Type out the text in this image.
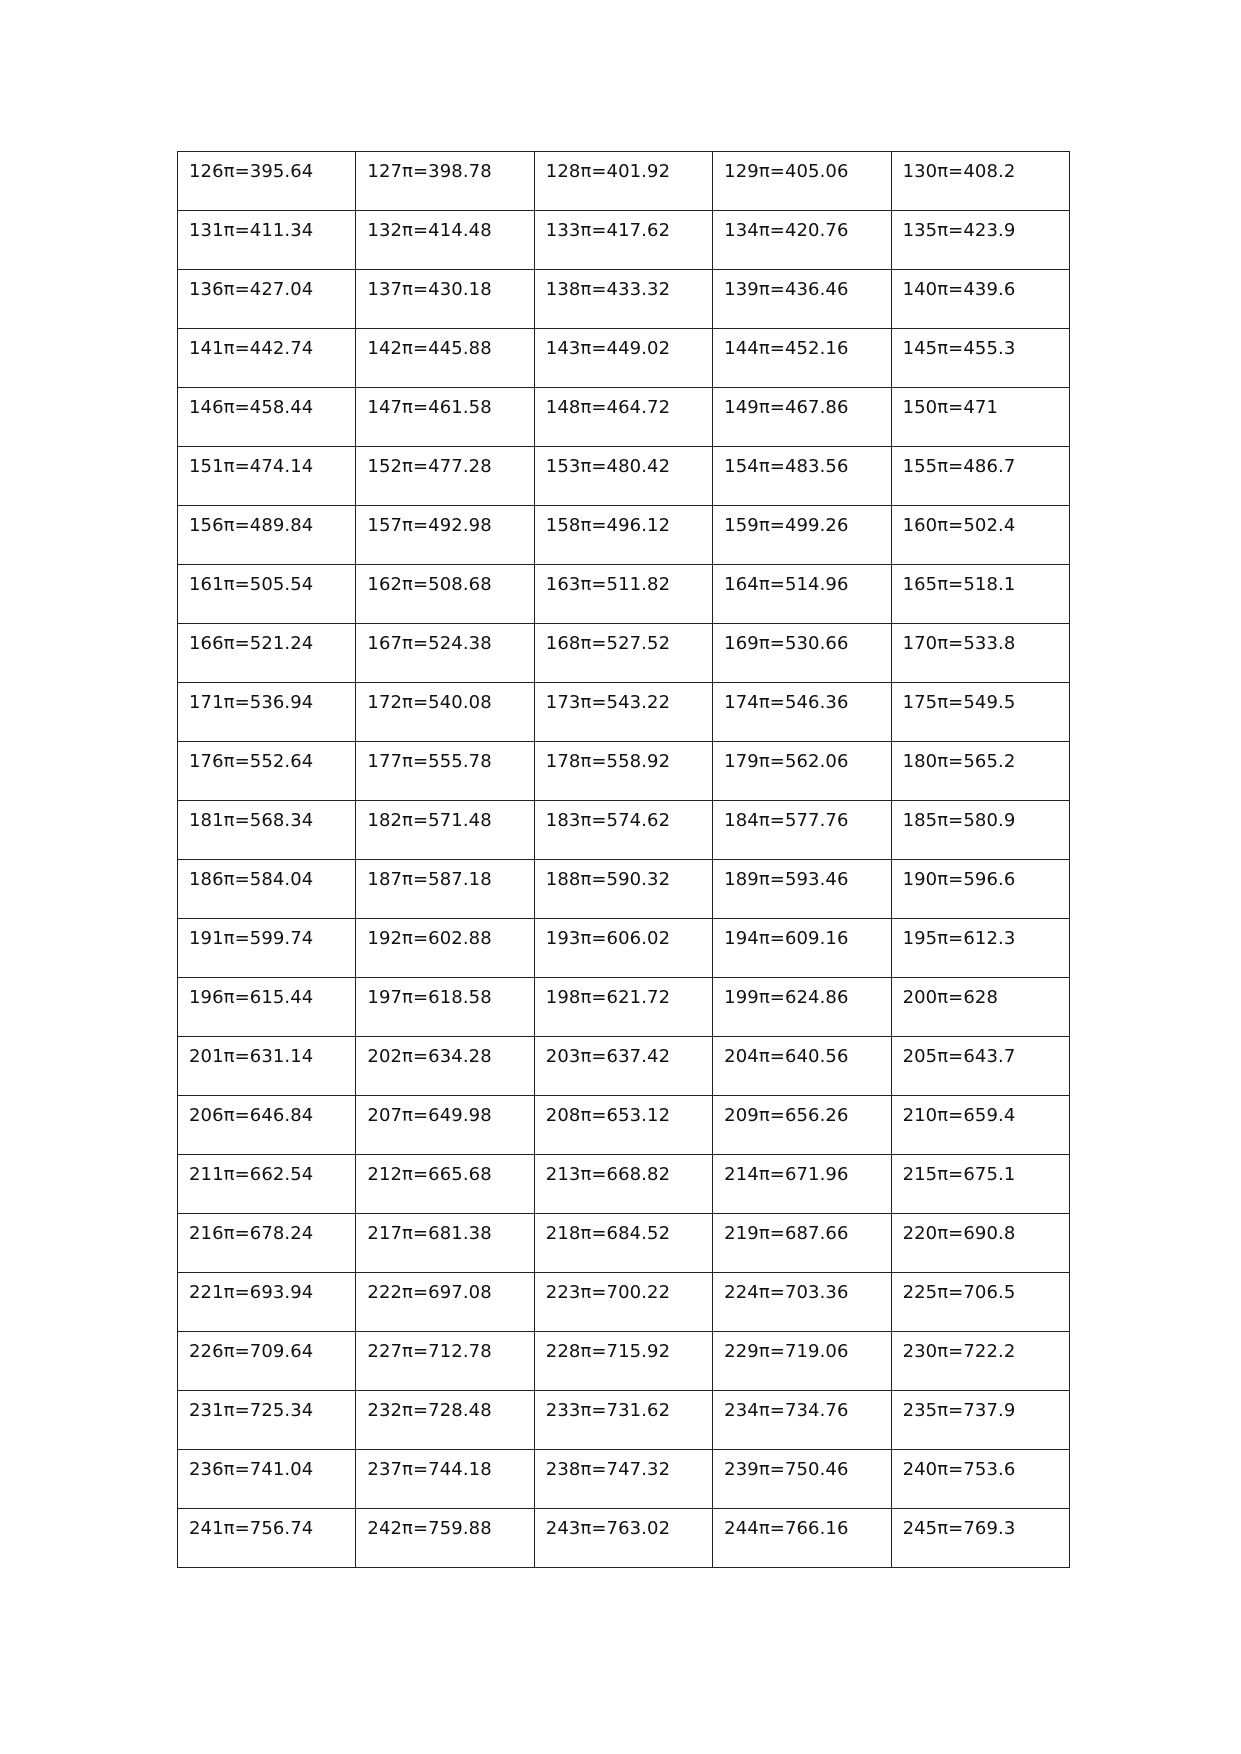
126π=395.64	127π=398.78	128π=401.92	129π=405.06	130π=408.2

131π=411.34	132π=414.48	133π=417.62	134π=420.76	135π=423.9

136π=427.04	137π=430.18	138π=433.32	139π=436.46	140π=439.6

141π=442.74	142π=445.88	143π=449.02	144π=452.16	145π=455.3

146π=458.44	147π=461.58	148π=464.72	149π=467.86	150π=471

151π=474.14	152π=477.28	153π=480.42	154π=483.56	155π=486.7

156π=489.84	157π=492.98	158π=496.12	159π=499.26	160π=502.4

161π=505.54	162π=508.68	163π=511.82	164π=514.96	165π=518.1

166π=521.24	167π=524.38	168π=527.52	169π=530.66	170π=533.8

171π=536.94	172π=540.08	173π=543.22	174π=546.36	175π=549.5

176π=552.64	177π=555.78	178π=558.92	179π=562.06	180π=565.2

181π=568.34	182π=571.48	183π=574.62	184π=577.76	185π=580.9

186π=584.04	187π=587.18	188π=590.32	189π=593.46	190π=596.6

191π=599.74	192π=602.88	193π=606.02	194π=609.16	195π=612.3

196π=615.44	197π=618.58	198π=621.72	199π=624.86	200π=628

201π=631.14	202π=634.28	203π=637.42	204π=640.56	205π=643.7

206π=646.84	207π=649.98	208π=653.12	209π=656.26	210π=659.4

211π=662.54	212π=665.68	213π=668.82	214π=671.96	215π=675.1

216π=678.24	217π=681.38	218π=684.52	219π=687.66	220π=690.8

221π=693.94	222π=697.08	223π=700.22	224π=703.36	225π=706.5

226π=709.64	227π=712.78	228π=715.92	229π=719.06	230π=722.2

231π=725.34	232π=728.48	233π=731.62	234π=734.76	235π=737.9

236π=741.04	237π=744.18	238π=747.32	239π=750.46	240π=753.6

241π=756.74	242π=759.88	243π=763.02	244π=766.16	245π=769.3
